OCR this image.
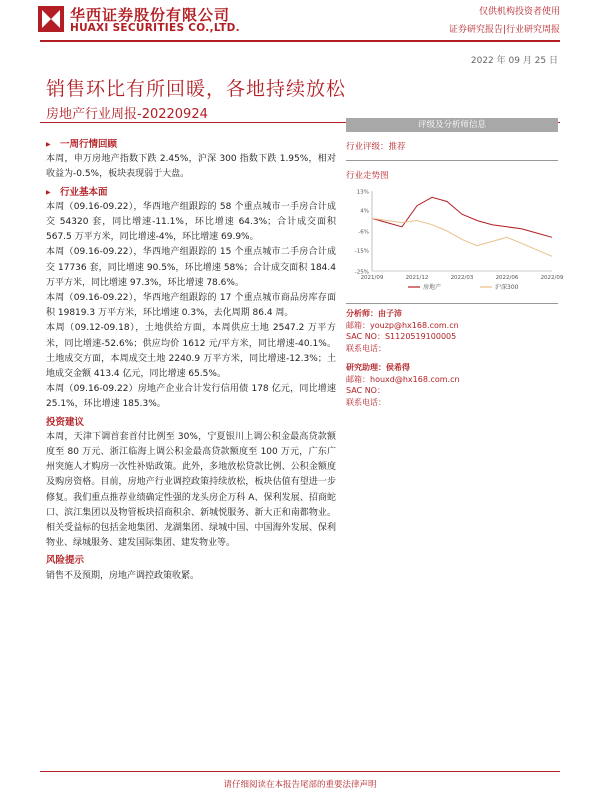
华西证券股份有限公司
HUAXI SECURITIES CO.,LTD.
仅供机构投资者使用
证券研究报告|行业研究周报
2022 年 09 月 25 日
销售环比有所回暖，各地持续放松
房地产行业周报-20220924
▶ 一周行情回顾

本周，申万房地产指数下跌 2.45%，沪深 300 指数下跌 1.95%，相对收益为-0.5%，板块表现弱于大盘。

▶ 行业基本面

本周（09.16-09.22），华西地产组跟踪的 58 个重点城市一手房合计成交 54320 套，同比增速-11.1%，环比增速 64.3%；合计成交面积 567.5 万平方米，同比增速-4%，环比增速 69.9%。

本周（09.16-09.22），华西地产组跟踪的 15 个重点城市二手房合计成交 17736 套，同比增速 90.5%，环比增速 58%；合计成交面积 184.4 万平方米，同比增速 97.3%，环比增速 78.6%。

本周（09.16-09.22），华西地产组跟踪的 17 个重点城市商品房库存面积 19819.3 万平方米，环比增速 0.3%，去化周期 86.4 周。

本周（09.12-09.18），土地供给方面，本周供应土地 2547.2 万平方米，同比增速-52.6%；供应均价 1612 元/平方米，同比增速-40.1%。土地成交方面，本周成交土地 2240.9 万平方米，同比增速-12.3%；土地成交金额 413.4 亿元，同比增速 65.5%。

本周（09.16-09.22）房地产企业合计发行信用债 178 亿元，同比增速 25.1%，环比增速 185.3%。

投资建议

本周，天津下调首套首付比例至 30%，宁夏银川上调公积金最高贷款额度至 80 万元、浙江临海上调公积金最高贷款额度至 100 万元，广东广州突施人才购房一次性补贴政策。此外，多地放松贷款比例、公积金额度及购房资格。目前，房地产行业调控政策持续放松，板块估值有望进一步修复。我们重点推荐业绩确定性强的龙头房企万科 A、保利发展、招商蛇口、滨江集团以及物管板块招商积余、新城悦服务、新大正和南都物业。相关受益标的包括金地集团、龙湖集团、绿城中国、中国海外发展、保利物业、绿城服务、建发国际集团、建发物业等。

风险提示

销售不及预期，房地产调控政策收紧。

评级及分析师信息
行业评级：推荐
行业走势图
13%
4%
-6%
-15%
-25%
2021/09	2021/12	2022/03	2022/06	2022/09
房地产	沪深300
分析师：由子沛
邮箱：youzp@hx168.com.cn
SAC NO：S1120519100005
联系电话：
研究助理：侯希得
邮箱：houxd@hx168.com.cn
SAC NO：
联系电话：
请仔细阅读在本报告尾部的重要法律声明
